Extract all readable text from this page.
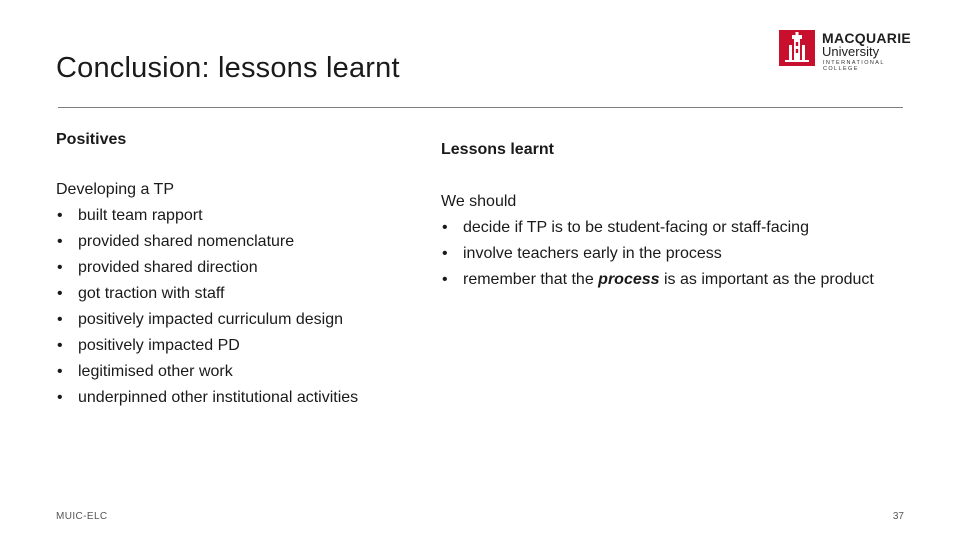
Conclusion: lessons learnt
MACQUARIE
University
INTERNATIONAL COLLEGE

Positives

Developing a TP

• built team rapport
• provided shared nomenclature
• provided shared direction
• got traction with staff
• positively impacted curriculum design
• positively impacted PD
• legitimised other work
• underpinned other institutional activities

Lessons learnt

We should

• decide if TP is to be student-facing or staff-facing
• involve teachers early in the process
• remember that the process is as important as the product
MUIC-ELC	37
